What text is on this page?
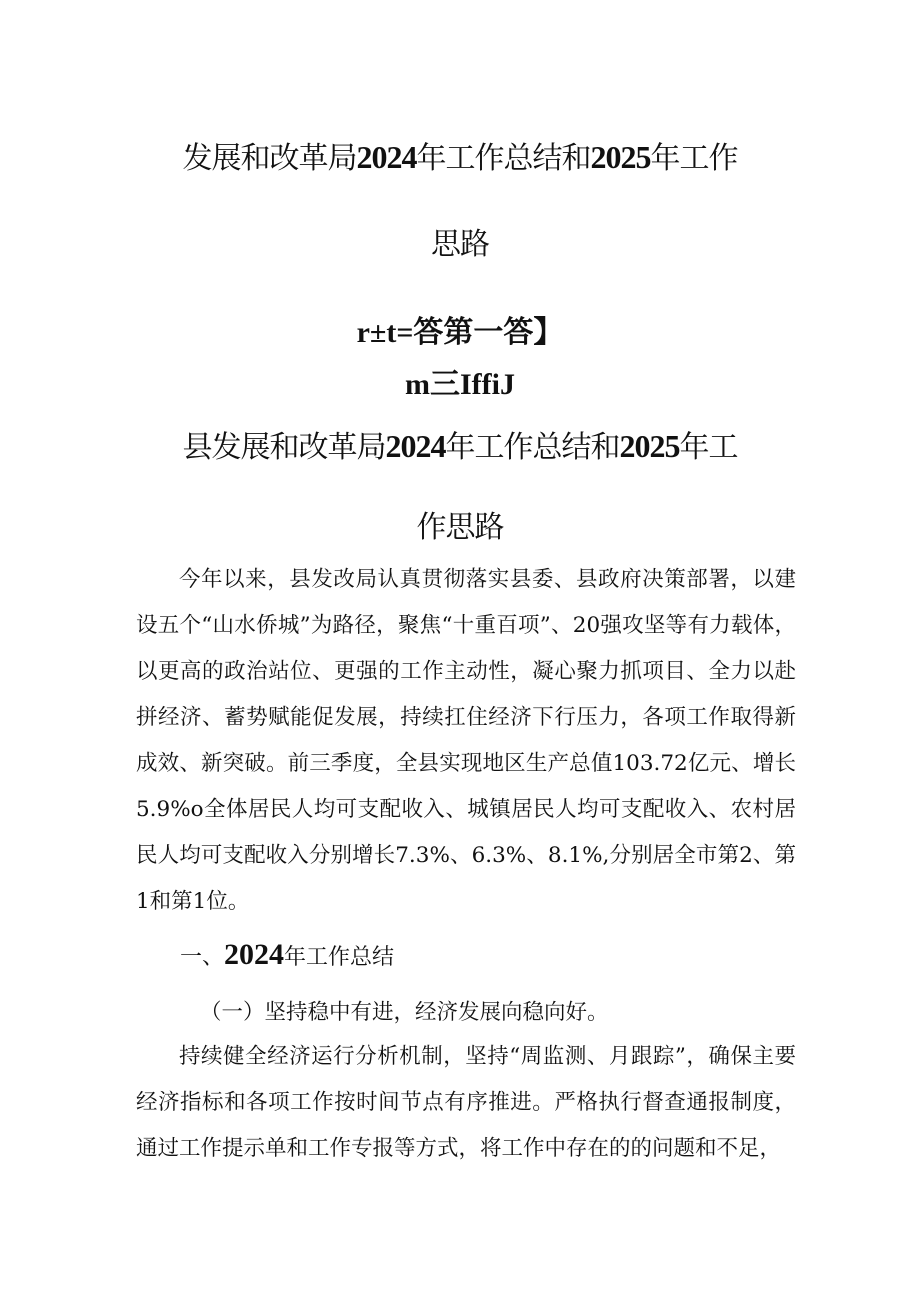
发展和改革局2024年工作总结和2025年工作
思路
r±t=答第一答】
m三IffiJ
县发展和改革局2024年工作总结和2025年工
作思路
今年以来，县发改局认真贯彻落实县委、县政府决策部署，以建设五个“山水侨城”为路径，聚焦“十重百项”、20强攻坚等有力载体，以更高的政治站位、更强的工作主动性，凝心聚力抓项目、全力以赴拼经济、蓄势赋能促发展，持续扛住经济下行压力，各项工作取得新成效、新突破。前三季度，全县实现地区生产总值103.72亿元、增长5.9%o全体居民人均可支配收入、城镇居民人均可支配收入、农村居民人均可支配收入分别增长7.3%、6.3%、8.1%,分别居全市第2、第1和第1位。
一、2024年工作总结
（一）坚持稳中有进，经济发展向稳向好。
持续健全经济运行分析机制，坚持“周监测、月跟踪”，确保主要经济指标和各项工作按时间节点有序推进。严格执行督查通报制度，通过工作提示单和工作专报等方式，将工作中存在的的问题和不足，
